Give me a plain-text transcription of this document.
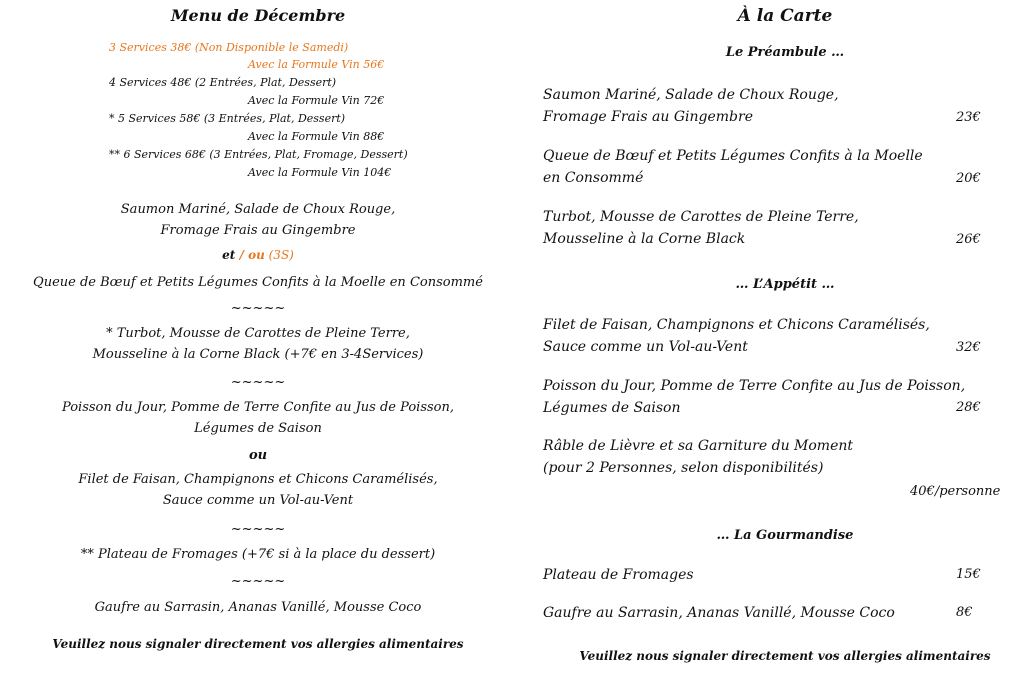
Menu de Décembre
3 Services 38€ (Non Disponible le Samedi)
Avec la Formule Vin 56€
4 Services 48€ (2 Entrées, Plat, Dessert)
Avec la Formule Vin 72€
* 5 Services 58€ (3 Entrées, Plat, Dessert)
Avec la Formule Vin 88€
** 6 Services 68€ (3 Entrées, Plat, Fromage, Dessert)
Avec la Formule Vin 104€
Saumon Mariné, Salade de Choux Rouge,
Fromage Frais au Gingembre
et / ou (3S)
Queue de Bœuf et Petits Légumes Confits à la Moelle en Consommé
~~~~~
* Turbot, Mousse de Carottes de Pleine Terre,
Mousseline à la Corne Black (+7€ en 3-4Services)
~~~~~
Poisson du Jour, Pomme de Terre Confite au Jus de Poisson,
Légumes de Saison
ou
Filet de Faisan, Champignons et Chicons Caramélisés,
Sauce comme un Vol-au-Vent
~~~~~
** Plateau de Fromages (+7€ si à la place du dessert)
~~~~~
Gaufre au Sarrasin, Ananas Vanillé, Mousse Coco
Veuillez nous signaler directement vos allergies alimentaires
À la Carte
Le Préambule …
Saumon Mariné, Salade de Choux Rouge,
Fromage Frais au Gingembre	23€
Queue de Bœuf et Petits Légumes Confits à la Moelle
en Consommé	20€
Turbot, Mousse de Carottes de Pleine Terre,
Mousseline à la Corne Black	26€
… L’Appétit …
Filet de Faisan, Champignons et Chicons Caramélisés,
Sauce comme un Vol-au-Vent	32€
Poisson du Jour, Pomme de Terre Confite au Jus de Poisson,
Légumes de Saison	28€
Râble de Lièvre et sa Garniture du Moment
(pour 2 Personnes, selon disponibilités)
40€/personne
… La Gourmandise
Plateau de Fromages	15€
Gaufre au Sarrasin, Ananas Vanillé, Mousse Coco	8€
Veuillez nous signaler directement vos allergies alimentaires
